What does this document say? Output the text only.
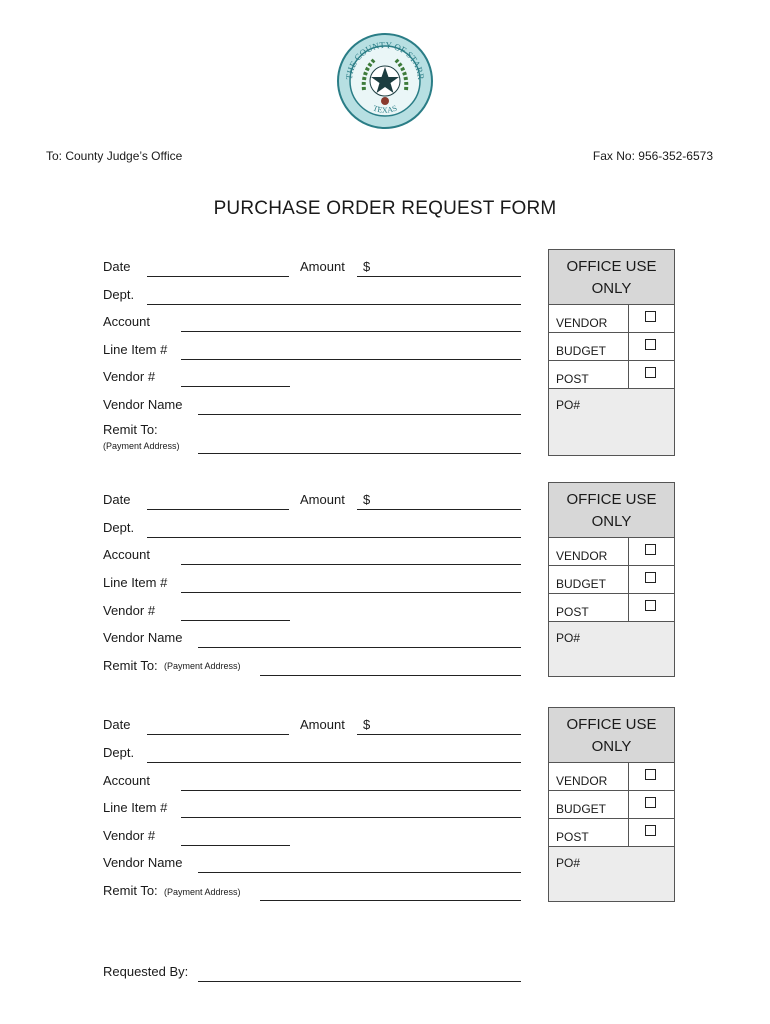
THE COUNTY OF STARR
TEXAS
To: County Judge’s Office	Fax No: 956-352-6573
PURCHASE ORDER REQUEST FORM
Date	Amount $
Dept.
Account
Line Item #
Vendor #
Vendor Name
Remit To:
(Payment Address)
OFFICE USE
ONLY
VENDOR
BUDGET
POST
PO#
Date	Amount $
Dept.
Account
Line Item #
Vendor #
Vendor Name
Remit To: (Payment Address)
OFFICE USE
ONLY
VENDOR
BUDGET
POST
PO#
Date	Amount $
Dept.
Account
Line Item #
Vendor #
Vendor Name
Remit To: (Payment Address)
OFFICE USE
ONLY
VENDOR
BUDGET
POST
PO#
Requested By:
